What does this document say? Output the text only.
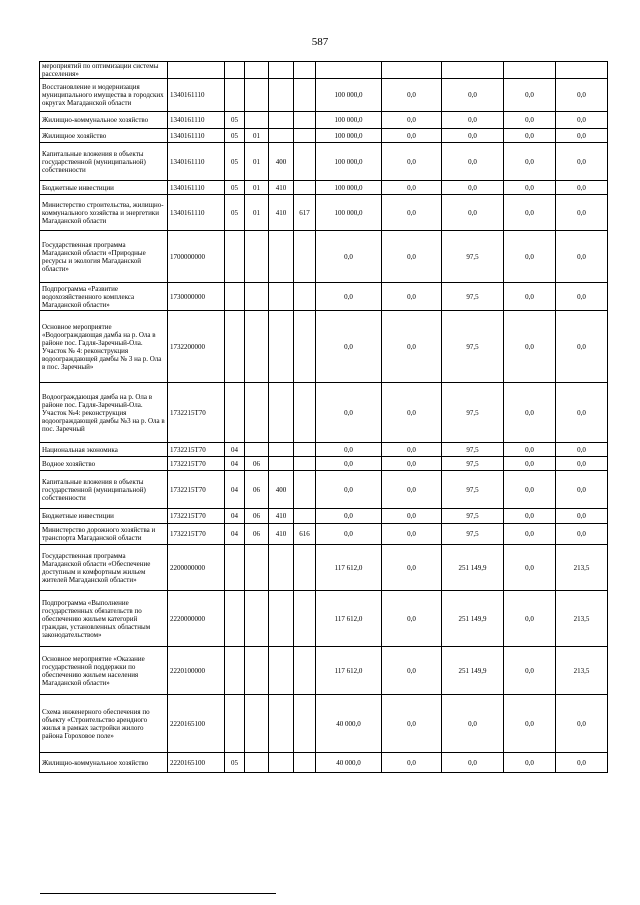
587
мероприятий по оптимизации системы расселения»										
Восстановление и модернизация муниципального имущества в городских округах Магаданской области	1340161110					100 000,0	0,0	0,0	0,0	0,0
Жилищно-коммунальное хозяйство	1340161110	05				100 000,0	0,0	0,0	0,0	0,0
Жилищное хозяйство	1340161110	05	01			100 000,0	0,0	0,0	0,0	0,0
Капитальные вложения в объекты государственной (муниципальной) собственности	1340161110	05	01	400		100 000,0	0,0	0,0	0,0	0,0
Бюджетные инвестиции	1340161110	05	01	410		100 000,0	0,0	0,0	0,0	0,0
Министерство строительства, жилищно-коммунального хозяйства и энергетики Магаданской области	1340161110	05	01	410	617	100 000,0	0,0	0,0	0,0	0,0
Государственная программа Магаданской области «Природные ресурсы и экология Магаданской области»	1700000000					0,0	0,0	97,5	0,0	0,0
Подпрограмма «Развитие водохозяйственного комплекса Магаданской области»	1730000000					0,0	0,0	97,5	0,0	0,0
Основное мероприятие «Водоограждающая дамба на р. Ола в районе пос. Гадля-Заречный-Ола. Участок № 4: реконструкция водоограждающей дамбы № 3 на р. Ола в пос. Заречный»	1732200000					0,0	0,0	97,5	0,0	0,0
Водоограждающая дамба на р. Ола в районе пос. Гадля-Заречный-Ола. Участок №4: реконструкция водоограждающей дамбы №3 на р. Ола в пос. Заречный	1732215Т70					0,0	0,0	97,5	0,0	0,0
Национальная экономика	1732215Т70	04				0,0	0,0	97,5	0,0	0,0
Водное хозяйство	1732215Т70	04	06			0,0	0,0	97,5	0,0	0,0
Капитальные вложения в объекты государственной (муниципальной) собственности	1732215Т70	04	06	400		0,0	0,0	97,5	0,0	0,0
Бюджетные инвестиции	1732215Т70	04	06	410		0,0	0,0	97,5	0,0	0,0
Министерство дорожного хозяйства и транспорта Магаданской области	1732215Т70	04	06	410	616	0,0	0,0	97,5	0,0	0,0
Государственная программа Магаданской области «Обеспечение доступным и комфортным жильем жителей Магаданской области»	2200000000					117 612,0	0,0	251 149,9	0,0	213,5
Подпрограмма «Выполнение государственных обязательств по обеспечению жильем категорий граждан, установленных областным законодательством»	2220000000					117 612,0	0,0	251 149,9	0,0	213,5
Основное мероприятие «Оказание государственной поддержки по обеспечению жильем населения Магаданской области»	2220100000					117 612,0	0,0	251 149,9	0,0	213,5
Схема инженерного обеспечения по объекту «Строительство арендного жилья в рамках застройки жилого района Гороховое поле»	2220165100					40 000,0	0,0	0,0	0,0	0,0
Жилищно-коммунальное хозяйство	2220165100	05				40 000,0	0,0	0,0	0,0	0,0
